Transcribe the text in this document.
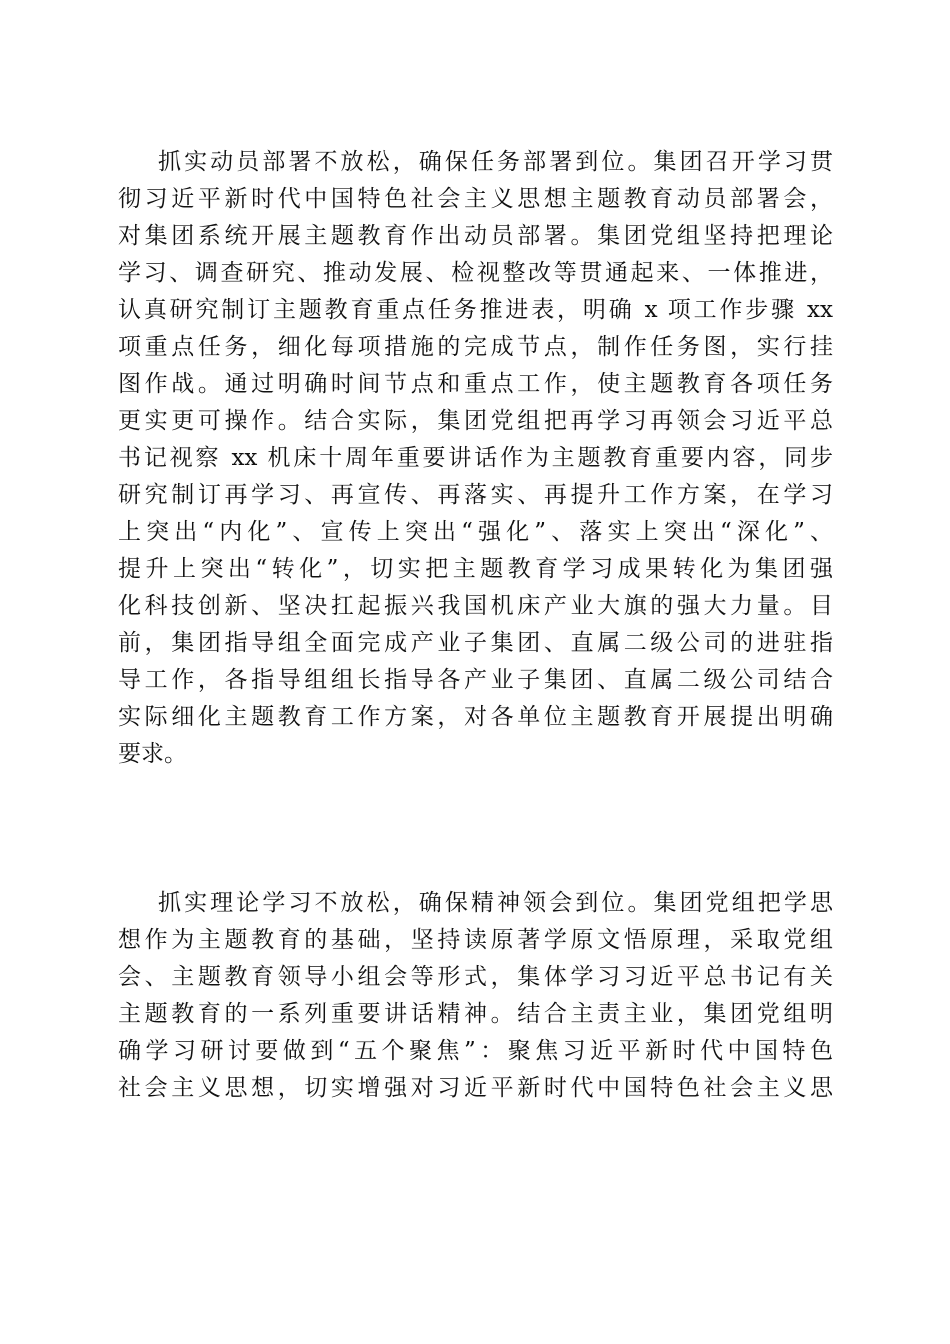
抓实动员部署不放松，确保任务部署到位。集团召开学习贯
彻习近平新时代中国特色社会主义思想主题教育动员部署会，
对集团系统开展主题教育作出动员部署。集团党组坚持把理论
学习、调查研究、推动发展、检视整改等贯通起来、一体推进，
认真研究制订主题教育重点任务推进表，明确 x 项工作步骤 xx
项重点任务，细化每项措施的完成节点，制作任务图，实行挂
图作战。通过明确时间节点和重点工作，使主题教育各项任务
更实更可操作。结合实际，集团党组把再学习再领会习近平总
书记视察 xx 机床十周年重要讲话作为主题教育重要内容，同步
研究制订再学习、再宣传、再落实、再提升工作方案，在学习
上突出“内化”、宣传上突出“强化”、落实上突出“深化”、
提升上突出“转化”，切实把主题教育学习成果转化为集团强
化科技创新、坚决扛起振兴我国机床产业大旗的强大力量。目
前，集团指导组全面完成产业子集团、直属二级公司的进驻指
导工作，各指导组组长指导各产业子集团、直属二级公司结合
实际细化主题教育工作方案，对各单位主题教育开展提出明确
要求。
抓实理论学习不放松，确保精神领会到位。集团党组把学思
想作为主题教育的基础，坚持读原著学原文悟原理，采取党组
会、主题教育领导小组会等形式，集体学习习近平总书记有关
主题教育的一系列重要讲话精神。结合主责主业，集团党组明
确学习研讨要做到“五个聚焦”：聚焦习近平新时代中国特色
社会主义思想，切实增强对习近平新时代中国特色社会主义思
